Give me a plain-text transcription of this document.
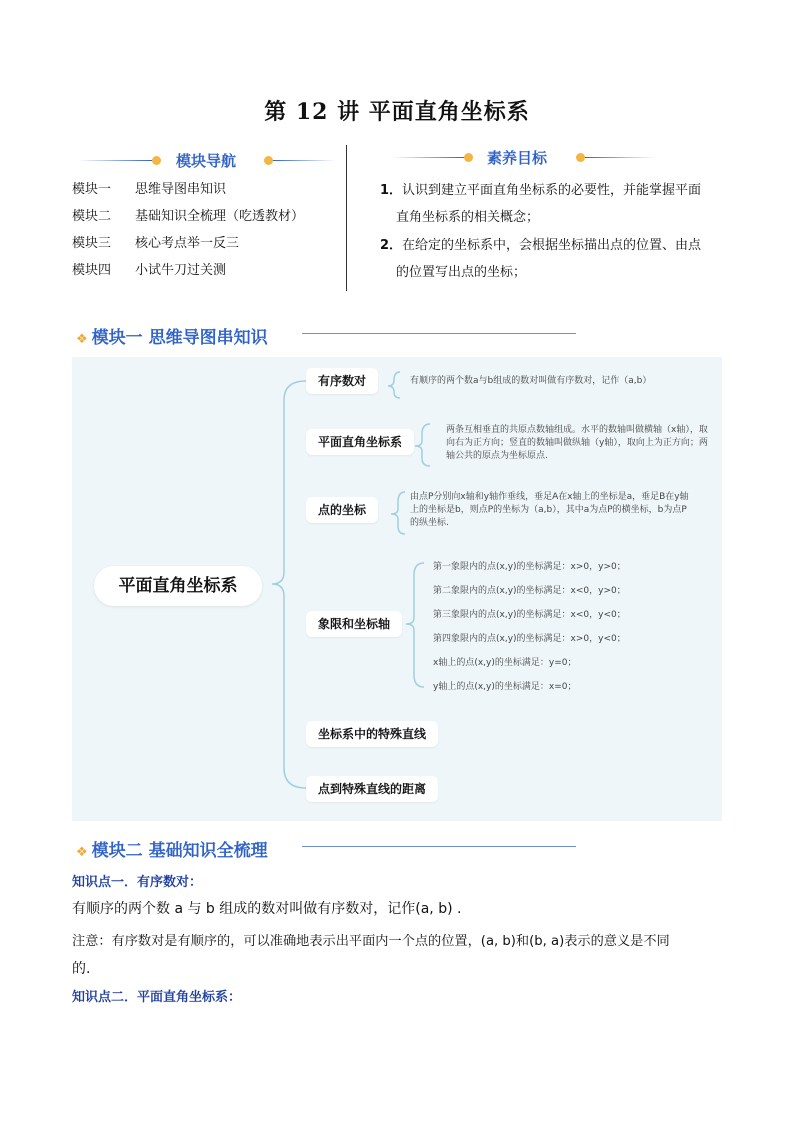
第 12 讲 平面直角坐标系
模块导航
模块一 思维导图串知识
模块二 基础知识全梳理（吃透教材）
模块三 核心考点举一反三
模块四 小试牛刀过关测
素养目标
1．认识到建立平面直角坐标系的必要性，并能掌握平面
直角坐标系的相关概念；
2．在给定的坐标系中，会根据坐标描出点的位置、由点
的位置写出点的坐标；
❖ 模块一 思维导图串知识
平面直角坐标系
有序数对	有顺序的两个数a与b组成的数对叫做有序数对，记作（a,b）
平面直角坐标系
两条互相垂直的共原点数轴组成。水平的数轴叫做横轴（x轴），取向右为正方向；竖直的数轴叫做纵轴（y轴），取向上为正方向；两轴公共的原点为坐标原点.
点的坐标
由点P分别向x轴和y轴作垂线，垂足A在x轴上的坐标是a，垂足B在y轴上的坐标是b，则点P的坐标为（a,b），其中a为点P的横坐标，b为点P的纵坐标.
象限和坐标轴
第一象限内的点(x,y)的坐标满足：x>0，y>0；
第二象限内的点(x,y)的坐标满足：x<0，y>0；
第三象限内的点(x,y)的坐标满足：x<0，y<0；
第四象限内的点(x,y)的坐标满足：x>0，y<0；
x轴上的点(x,y)的坐标满足：y=0；
y轴上的点(x,y)的坐标满足：x=0；
坐标系中的特殊直线
点到特殊直线的距离
❖ 模块二 基础知识全梳理
知识点一．有序数对：
有顺序的两个数 a 与 b 组成的数对叫做有序数对，记作(a, b) .
注意：有序数对是有顺序的，可以准确地表示出平面内一个点的位置，(a, b)和(b, a)表示的意义是不同
的.
知识点二．平面直角坐标系：
